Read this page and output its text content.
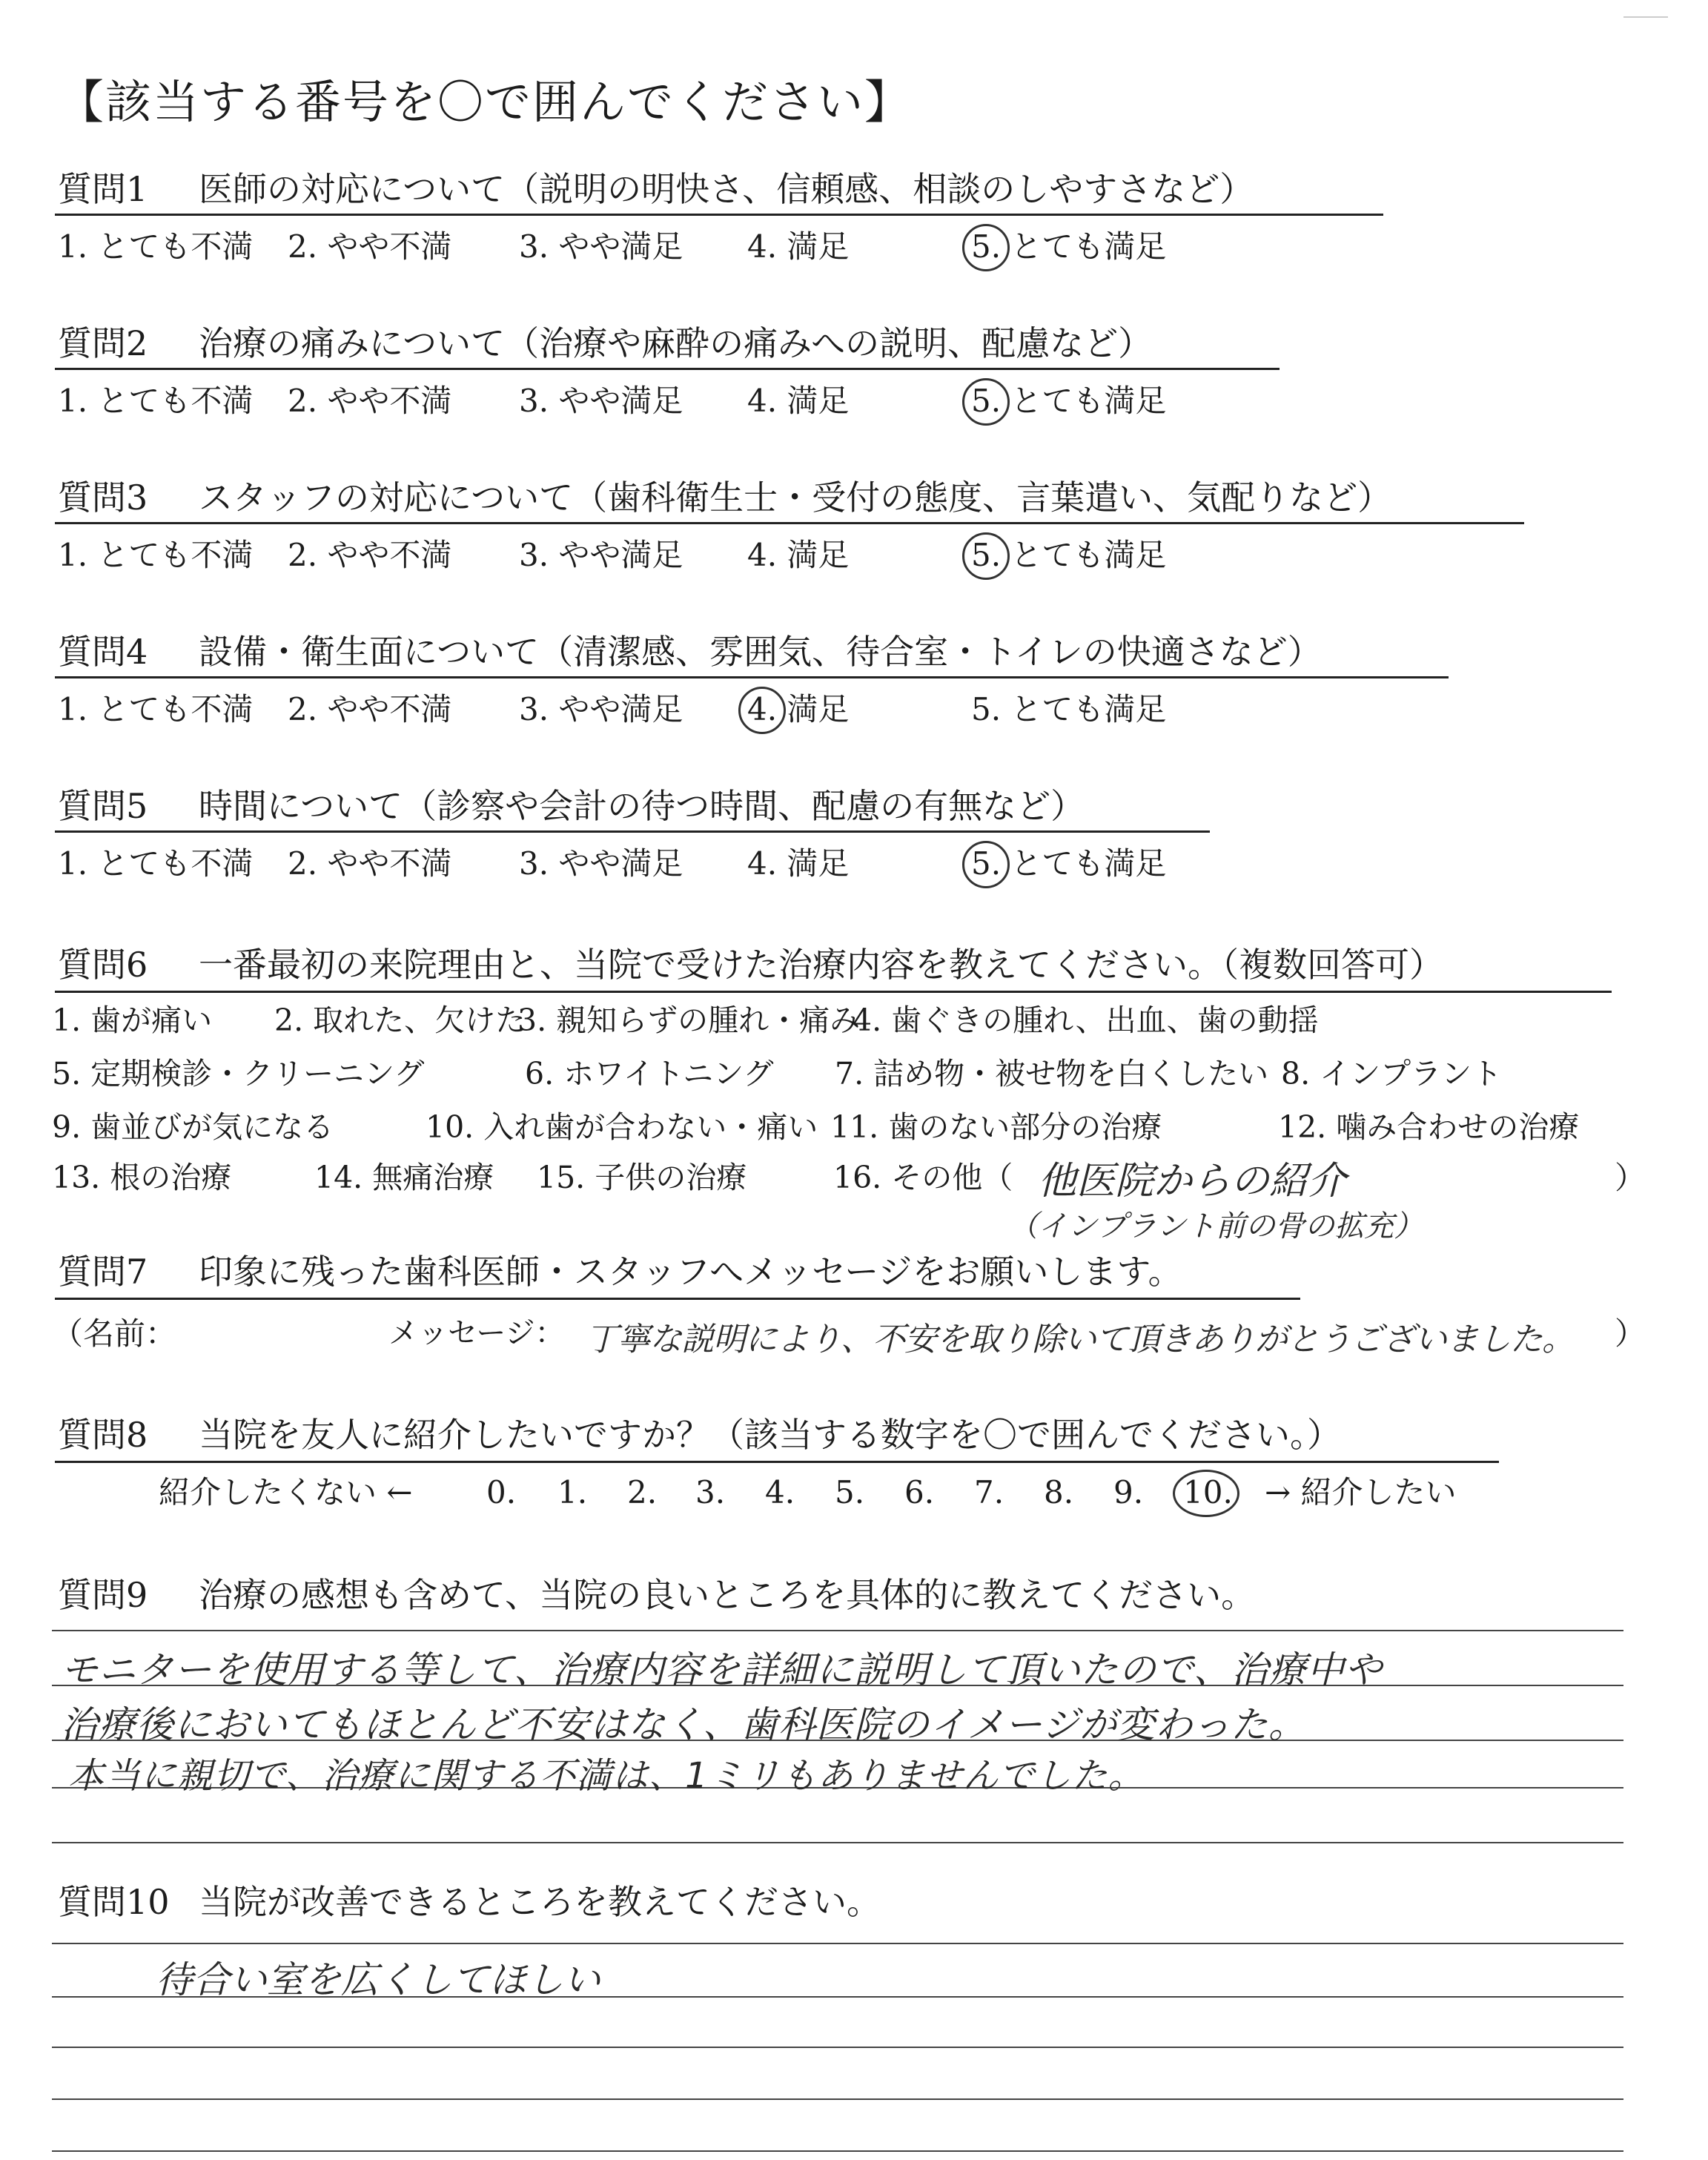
【該当する番号を〇で囲んでください】
質問1 医師の対応について（説明の明快さ、信頼感、相談のしやすさなど）
1. とても不満 2. やや不満 3. やや満足 4. 満足	5. とても満足
質問2 治療の痛みについて（治療や麻酔の痛みへの説明、配慮など）
1. とても不満 2. やや不満 3. やや満足 4. 満足	5. とても満足
質問3 スタッフの対応について（歯科衛生士・受付の態度、言葉遣い、気配りなど）
1. とても不満 2. やや不満 3. やや満足 4. 満足	5. とても満足
質問4 設備・衛生面について（清潔感、雰囲気、待合室・トイレの快適さなど）
1. とても不満 2. やや不満 3. やや満足 4. 満足	5. とても満足
質問5 時間について（診察や会計の待つ時間、配慮の有無など）
1. とても不満 2. やや不満 3. やや満足 4. 満足	5. とても満足
質問6 一番最初の来院理由と、当院で受けた治療内容を教えてください。（複数回答可）
1. 歯が痛い 2. 取れた、欠けた
3. 親知らずの腫れ・痛み
4. 歯ぐきの腫れ、出血、歯の動揺
5. 定期検診・クリーニング	6. ホワイトニング 7. 詰め物・被せ物を白くしたい 8. インプラント
9. 歯並びが気になる	10. 入れ歯が合わない・痛い 11. 歯のない部分の治療	12. 噛み合わせの治療
13. 根の治療	14. 無痛治療 15. 子供の治療	16. その他（	）
他医院からの紹介
（インプラント前の骨の拡充）
質問7 印象に残った歯科医師・スタッフへメッセージをお願いします。
（名前：	メッセージ： 丁寧な説明により、不安を取り除いて頂きありがとうございました。 ）
質問8 当院を友人に紹介したいですか？（該当する数字を〇で囲んでください。）
紹介したくない ← 0. 1. 2. 3. 4. 5. 6. 7. 8. 9. 10. → 紹介したい
質問9 治療の感想も含めて、当院の良いところを具体的に教えてください。
モニターを使用する等して、治療内容を詳細に説明して頂いたので、治療中や
治療後においてもほとんど不安はなく、歯科医院のイメージが変わった。
本当に親切で、治療に関する不満は、1ミリもありませんでした。
質問10 当院が改善できるところを教えてください。
待合い室を広くしてほしい
